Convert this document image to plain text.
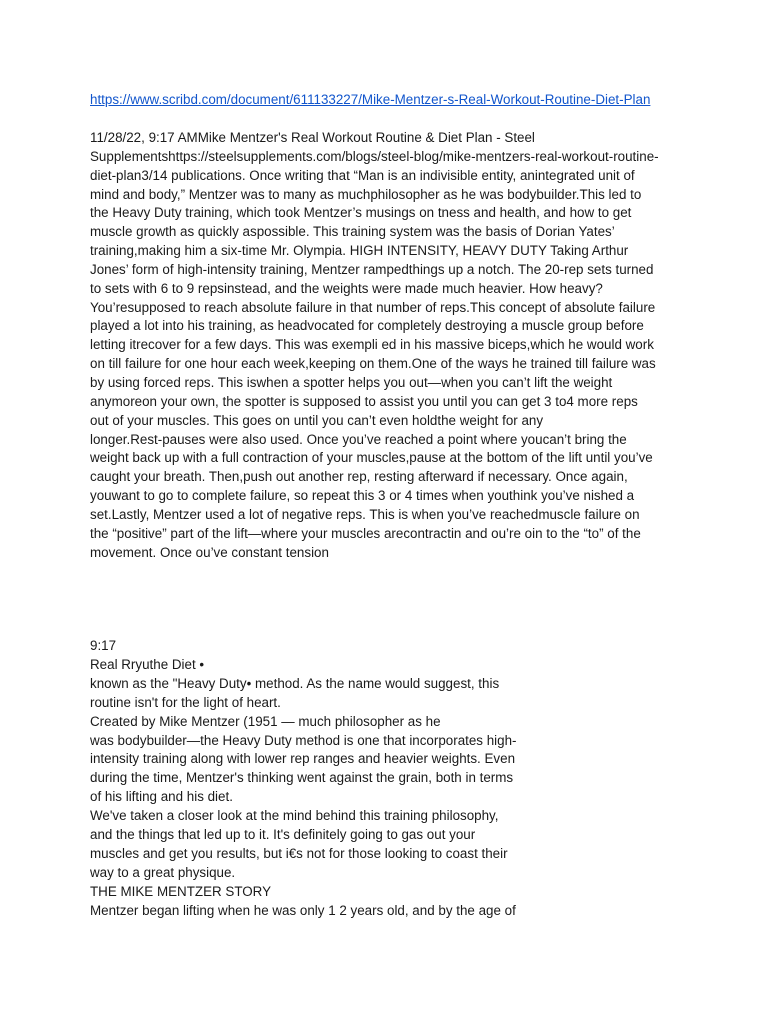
https://www.scribd.com/document/611133227/Mike-Mentzer-s-Real-Workout-Routine-Diet-Plan
11/28/22, 9:17 AMMike Mentzer's Real Workout Routine & Diet Plan - Steel
Supplementshttps://steelsupplements.com/blogs/steel-blog/mike-mentzers-real-workout-routine-
diet-plan3/14 publications. Once writing that “Man is an indivisible entity, anintegrated unit of
mind and body,” Mentzer was to many as muchphilosopher as he was bodybuilder.This led to
the Heavy Duty training, which took Mentzer’s musings on tness and health, and how to get
muscle growth as quickly aspossible. This training system was the basis of Dorian Yates’
training,making him a six-time Mr. Olympia. HIGH INTENSITY, HEAVY DUTY Taking Arthur
Jones’ form of high-intensity training, Mentzer rampedthings up a notch. The 20-rep sets turned
to sets with 6 to 9 repsinstead, and the weights were made much heavier. How heavy?
You’resupposed to reach absolute failure in that number of reps.This concept of absolute failure
played a lot into his training, as headvocated for completely destroying a muscle group before
letting itrecover for a few days. This was exempli ed in his massive biceps,which he would work
on till failure for one hour each week,keeping on them.One of the ways he trained till failure was
by using forced reps. This iswhen a spotter helps you out—when you can’t lift the weight
anymoreon your own, the spotter is supposed to assist you until you can get 3 to4 more reps
out of your muscles. This goes on until you can’t even holdthe weight for any
longer.Rest-pauses were also used. Once you’ve reached a point where youcan’t bring the
weight back up with a full contraction of your muscles,pause at the bottom of the lift until you’ve
caught your breath. Then,push out another rep, resting afterward if necessary. Once again,
youwant to go to complete failure, so repeat this 3 or 4 times when youthink you’ve nished a
set.Lastly, Mentzer used a lot of negative reps. This is when you’ve reachedmuscle failure on
the “positive” part of the lift—where your muscles arecontractin and ou’re oin to the “to” of the
movement. Once ou’ve constant tension
9:17
Real Rryuthe Diet •
known as the "Heavy Duty• method. As the name would suggest, this
routine isn't for the light of heart.
Created by Mike Mentzer (1951 — much philosopher as he
was bodybuilder—the Heavy Duty method is one that incorporates high-
intensity training along with lower rep ranges and heavier weights. Even
during the time, Mentzer's thinking went against the grain, both in terms
of his lifting and his diet.
We've taken a closer look at the mind behind this training philosophy,
and the things that led up to it. It's definitely going to gas out your
muscles and get you results, but i€s not for those looking to coast their
way to a great physique.
THE MIKE MENTZER STORY
Mentzer began lifting when he was only 1 2 years old, and by the age of
